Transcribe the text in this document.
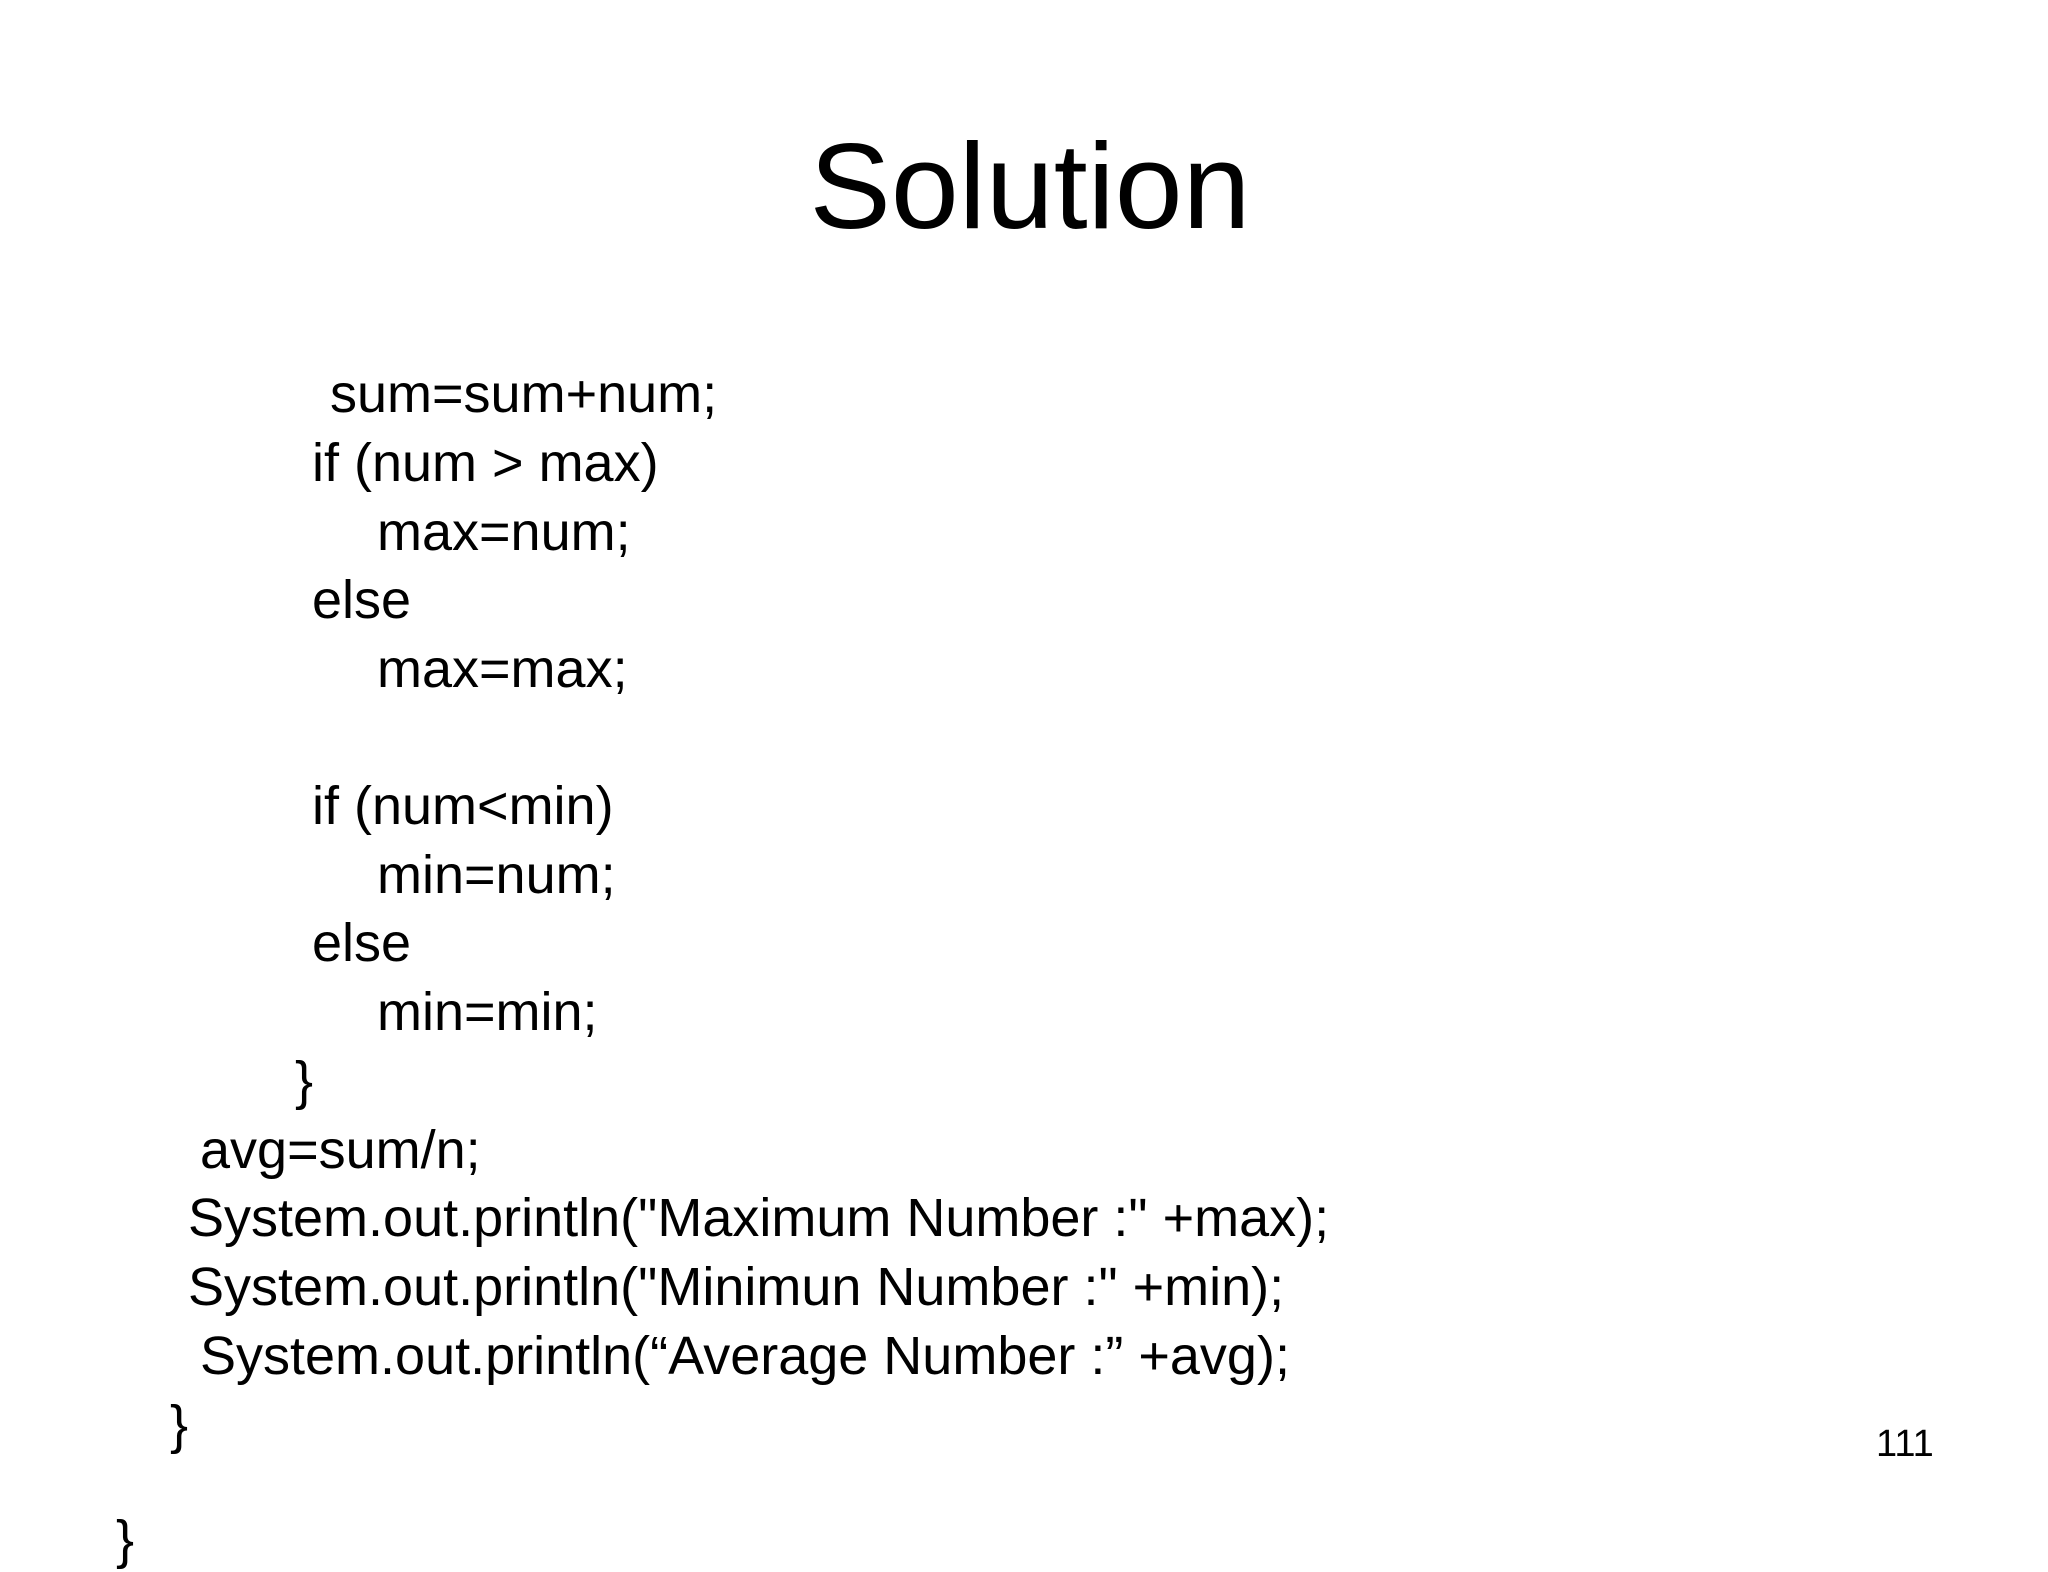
Solution
sum=sum+num;
if (num > max)
max=num;
else
max=max;
if (num<min)
min=num;
else
min=min;
}
avg=sum/n;
System.out.println("Maximum Number :" +max);
System.out.println("Minimun Number :" +min);
System.out.println(“Average Number :” +avg);
}
}
111
